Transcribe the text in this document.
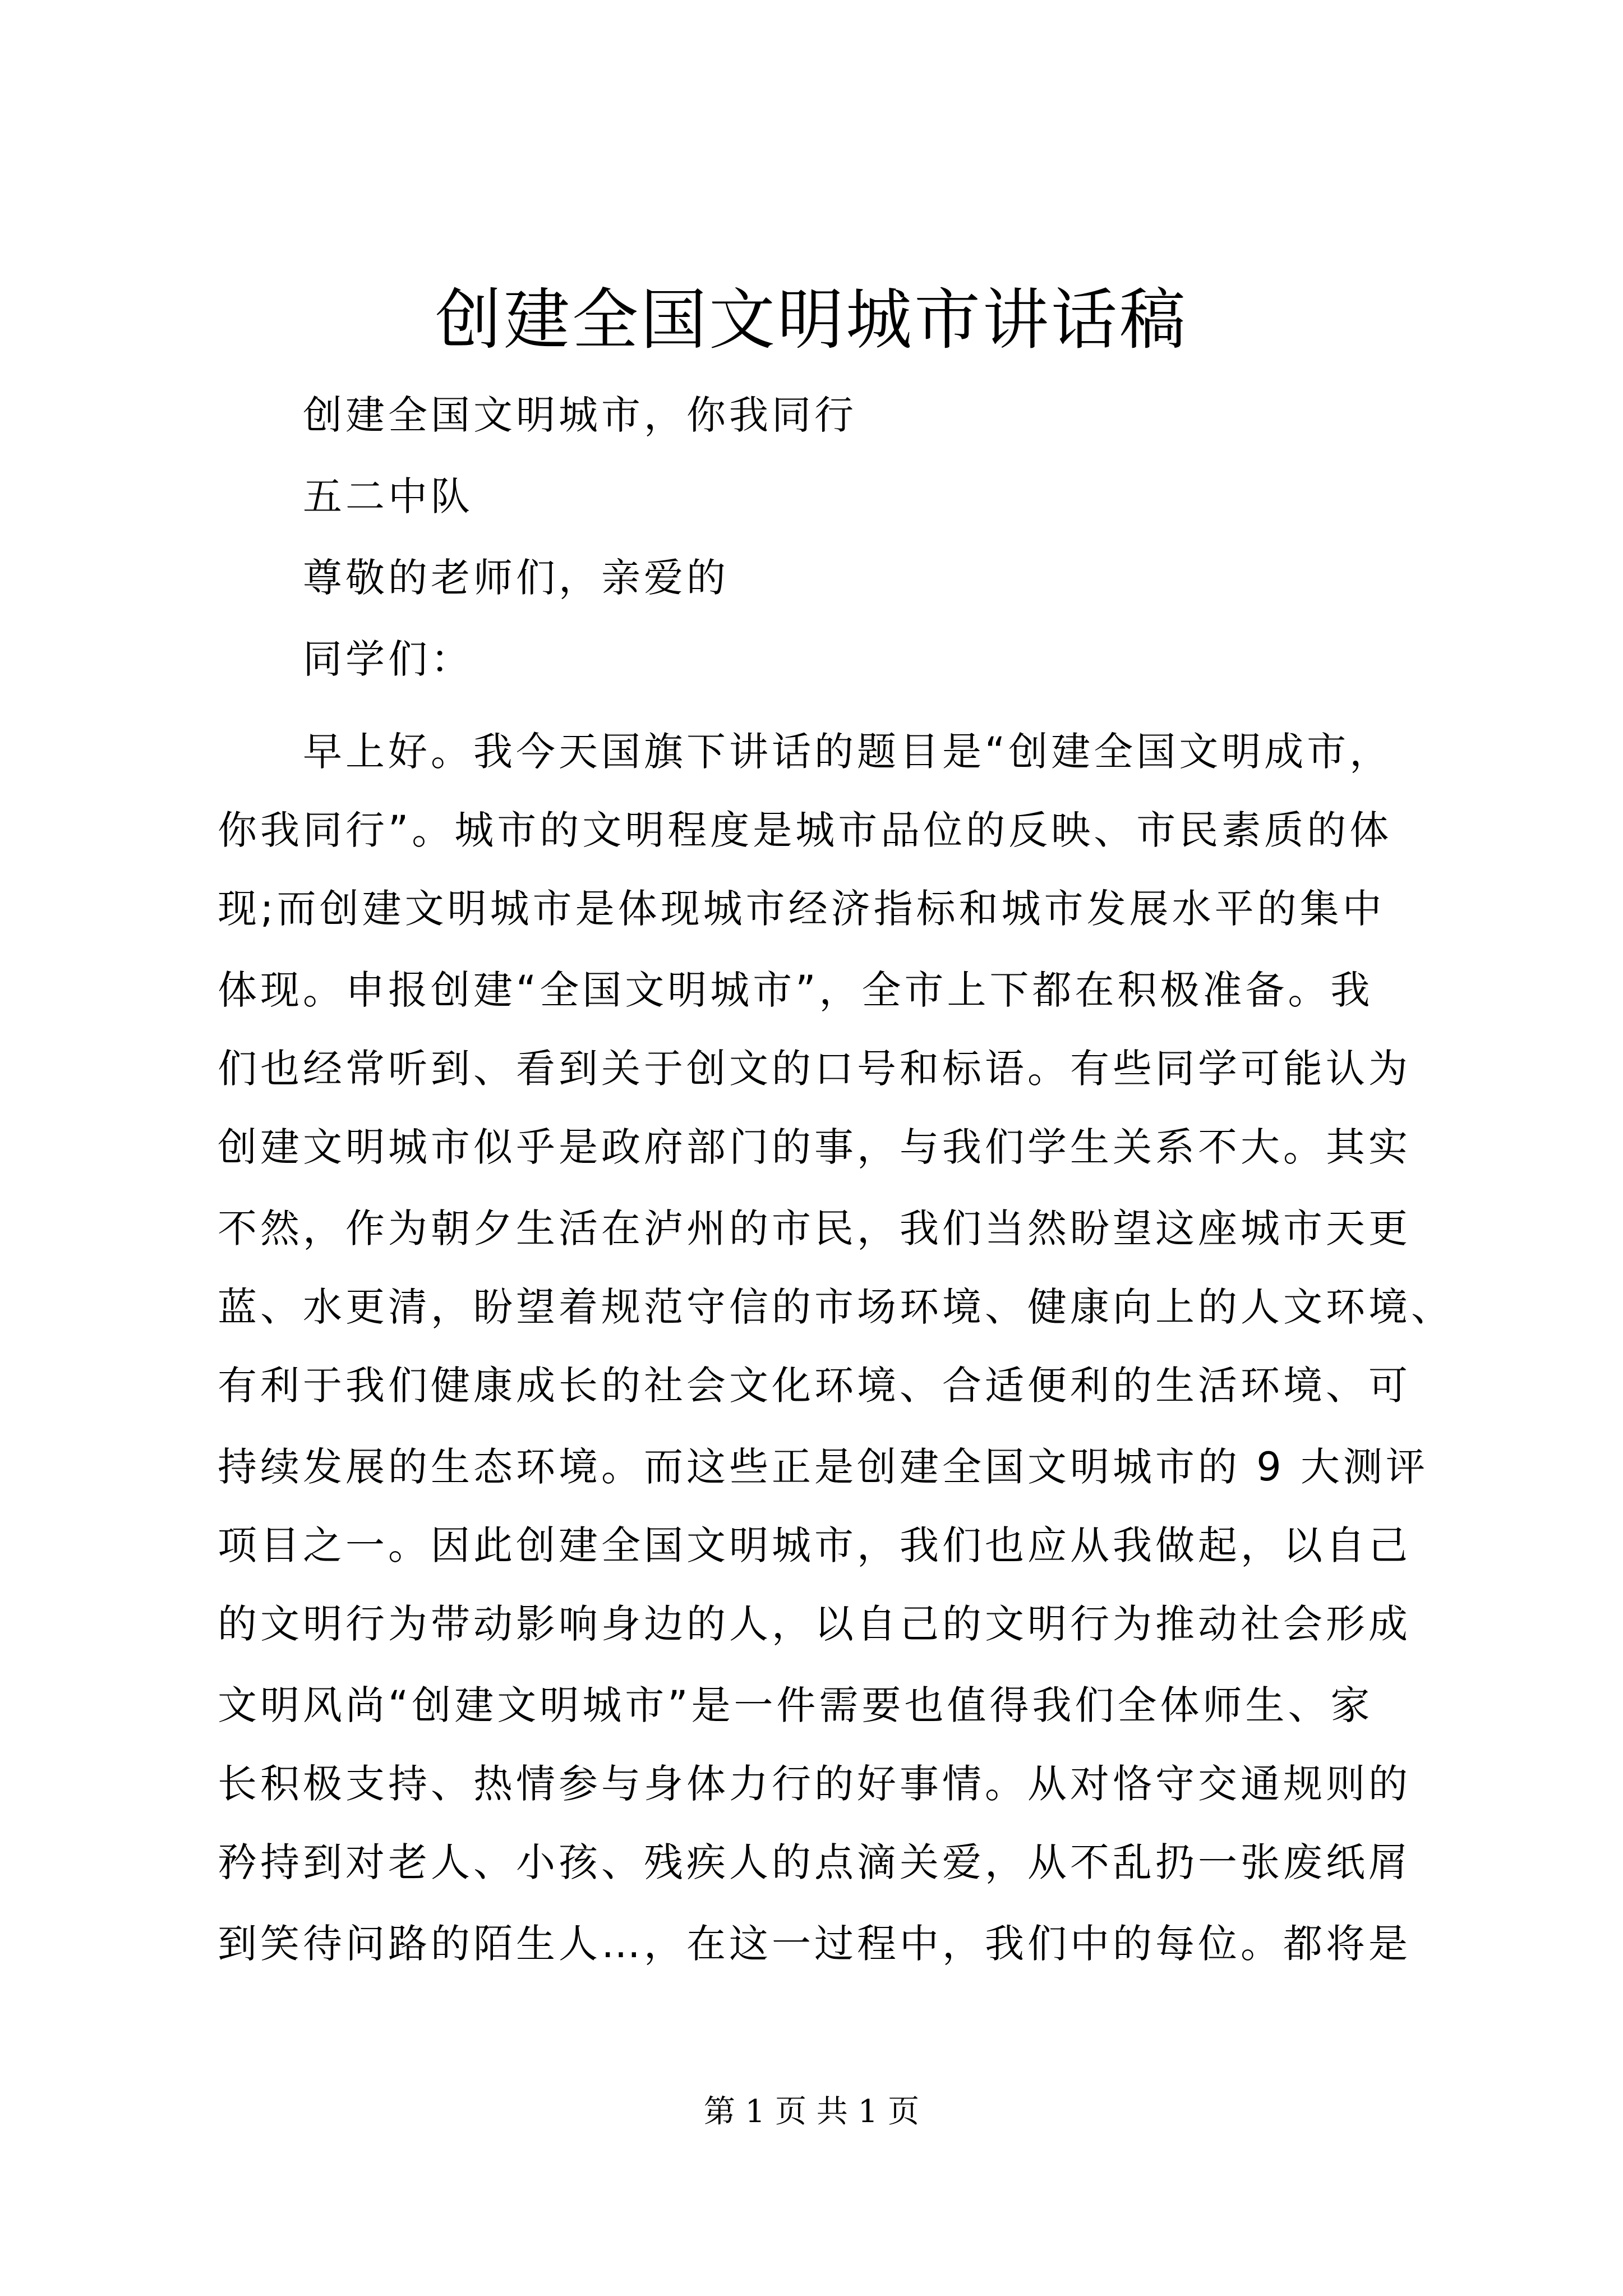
创建全国文明城市讲话稿
创建全国文明城市，你我同行
五二中队
尊敬的老师们，亲爱的
同学们：
早上好。我今天国旗下讲话的题目是“创建全国文明成市，
你我同行”。城市的文明程度是城市品位的反映、市民素质的体
现;而创建文明城市是体现城市经济指标和城市发展水平的集中
体现。申报创建“全国文明城市”，全市上下都在积极准备。我
们也经常听到、看到关于创文的口号和标语。有些同学可能认为
创建文明城市似乎是政府部门的事，与我们学生关系不大。其实
不然，作为朝夕生活在泸州的市民，我们当然盼望这座城市天更
蓝、水更清，盼望着规范守信的市场环境、健康向上的人文环境、
有利于我们健康成长的社会文化环境、合适便利的生活环境、可
持续发展的生态环境。而这些正是创建全国文明城市的 9 大测评
项目之一。因此创建全国文明城市，我们也应从我做起，以自己
的文明行为带动影响身边的人，以自己的文明行为推动社会形成
文明风尚“创建文明城市”是一件需要也值得我们全体师生、家
长积极支持、热情参与身体力行的好事情。从对恪守交通规则的
矜持到对老人、小孩、残疾人的点滴关爱，从不乱扔一张废纸屑
到笑待问路的陌生人…，在这一过程中，我们中的每位。都将是
第 1 页 共 1 页
